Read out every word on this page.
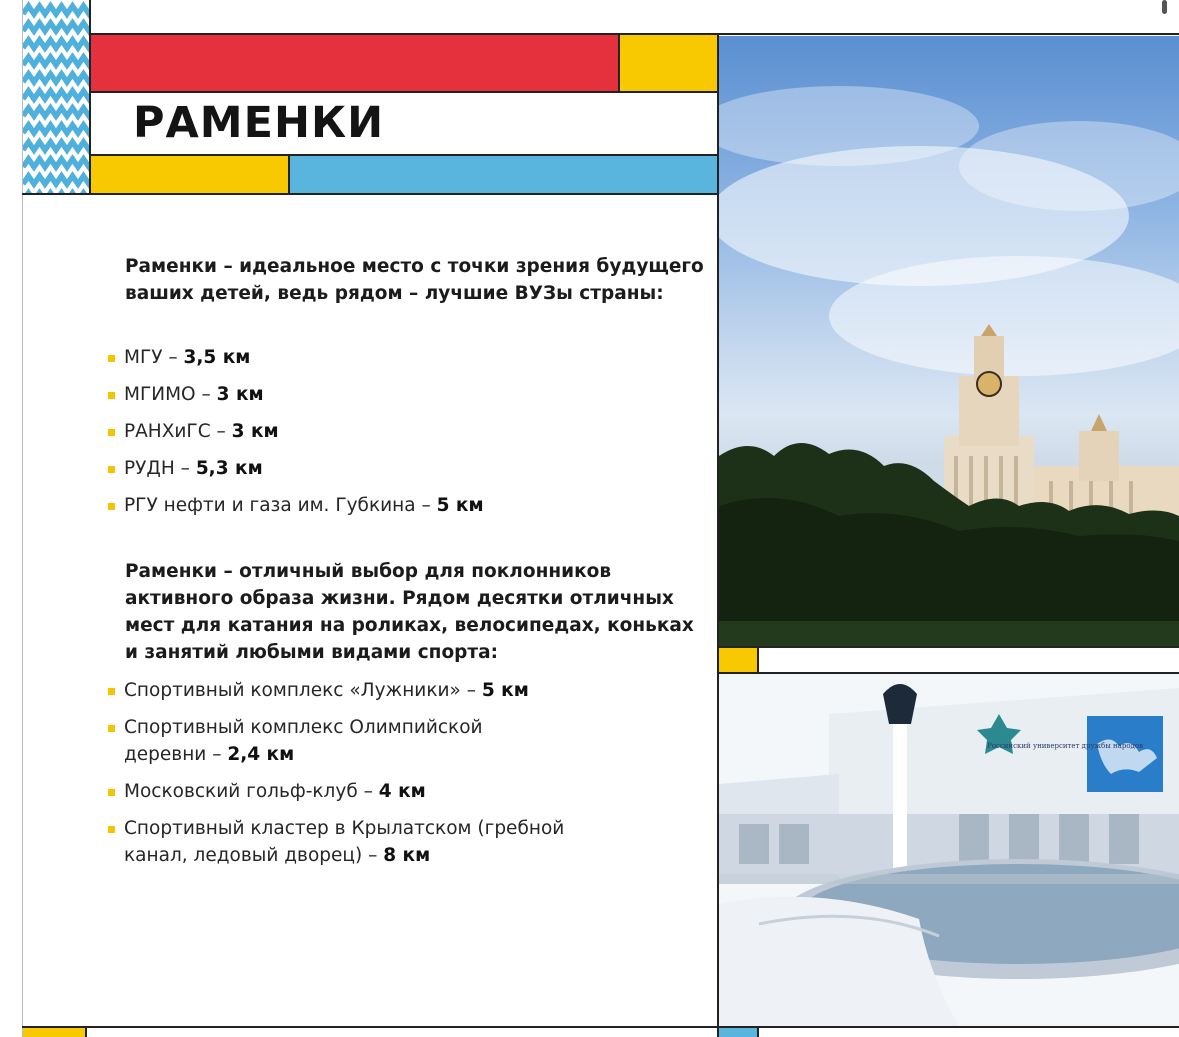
РАМЕНКИ
Раменки – идеальное место с точки зрения будущего ваших детей, ведь рядом – лучшие ВУЗы страны:
МГУ – 3,5 км
МГИМО – 3 км
РАНХиГС – 3 км
РУДН – 5,3 км
РГУ нефти и газа им. Губкина – 5 км
Раменки – отличный выбор для поклонников активного образа жизни. Рядом десятки отличных мест для катания на роликах, велосипедах, коньках и занятий любыми видами спорта:
Спортивный комплекс «Лужники» – 5 км
Спортивный комплекс Олимпийской деревни – 2,4 км
Московский гольф-клуб – 4 км
Спортивный кластер в Крылатском (гребной канал, ледовый дворец) – 8 км
Российский университет дружбы народов
